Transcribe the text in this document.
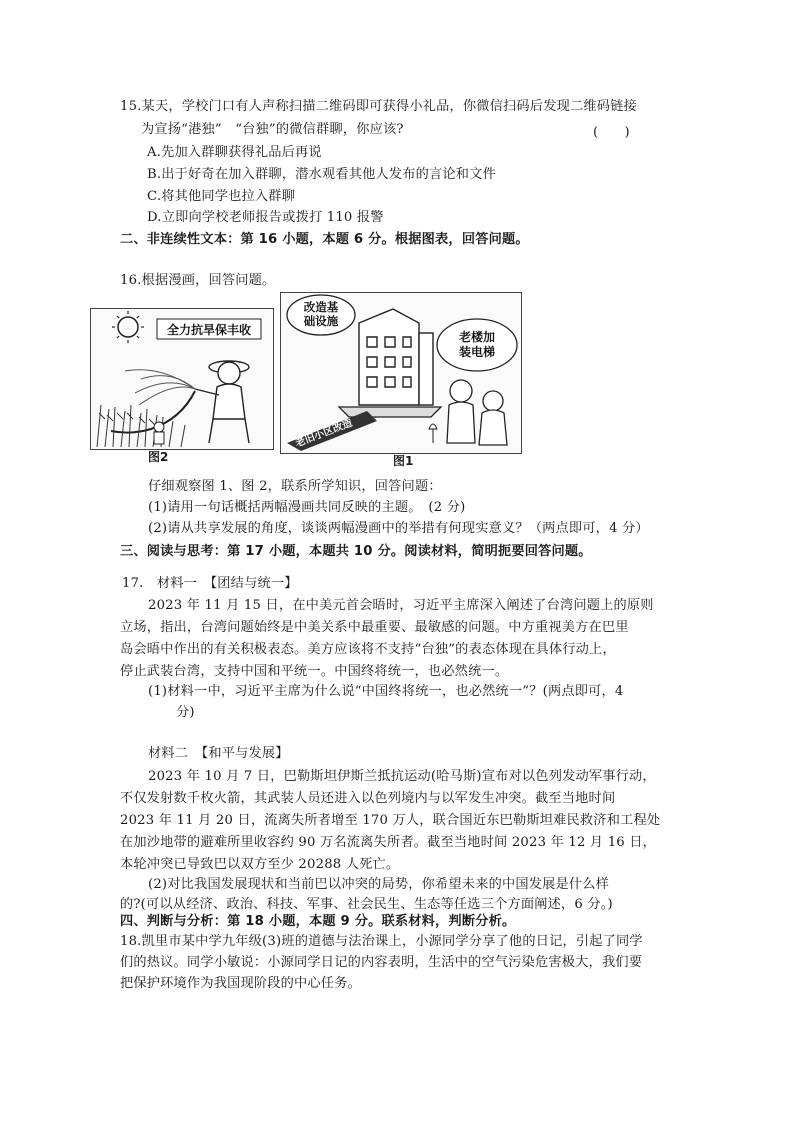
15.某天，学校门口有人声称扫描二维码即可获得小礼品，你微信扫码后发现二维码链接
为宣扬“港独”　“台独”的微信群聊，你应该?	(　　)
A.先加入群聊获得礼品后再说
B.出于好奇在加入群聊，潜水观看其他人发布的言论和文件
C.将其他同学也拉入群聊
D.立即向学校老师报告或拨打 110 报警
二、非连续性文本：第 16 小题，本题 6 分。根据图表，回答问题。
16.根据漫画，回答问题。
全力抗旱保丰收
图2
改造基
础设施
老楼加
装电梯
老旧小区改造
图1
仔细观察图 1、图 2，联系所学知识，回答问题：
(1)请用一句话概括两幅漫画共同反映的主题。　(2 分)
(2)请从共享发展的角度，谈谈两幅漫画中的举措有何现实意义？（两点即可，4 分）
三、阅读与思考：第 17 小题，本题共 10 分。阅读材料，简明扼要回答问题。
17.　材料一　【团结与统一】
2023 年 11 月 15 日，在中美元首会晤时，习近平主席深入阐述了台湾问题上的原则
立场，指出，台湾问题始终是中美关系中最重要、最敏感的问题。中方重视美方在巴里
岛会晤中作出的有关积极表态。美方应该将不支持“台独”的表态体现在具体行动上，
停止武装台湾，支持中国和平统一。中国终将统一，也必然统一。
(1)材料一中，习近平主席为什么说“中国终将统一，也必然统一”？(两点即可，4
分)
材料二　【和平与发展】
2023 年 10 月 7 日，巴勒斯坦伊斯兰抵抗运动(哈马斯)宣布对以色列发动军事行动，
不仅发射数千枚火箭，其武装人员还进入以色列境内与以军发生冲突。截至当地时间
2023 年 11 月 20 日，流离失所者增至 170 万人，联合国近东巴勒斯坦难民救济和工程处
在加沙地带的避难所里收容约 90 万名流离失所者。截至当地时间 2023 年 12 月 16 日，
本轮冲突已导致巴以双方至少 20288 人死亡。
(2)对比我国发展现状和当前巴以冲突的局势，你希望未来的中国发展是什么样
的?(可以从经济、政治、科技、军事、社会民生、生态等任选三个方面阐述，6 分。)
四、判断与分析：第 18 小题，本题 9 分。联系材料，判断分析。
18.凯里市某中学九年级(3)班的道德与法治课上，小源同学分享了他的日记，引起了同学
们的热议。同学小敏说：小源同学日记的内容表明，生活中的空气污染危害极大，我们要
把保护环境作为我国现阶段的中心任务。
